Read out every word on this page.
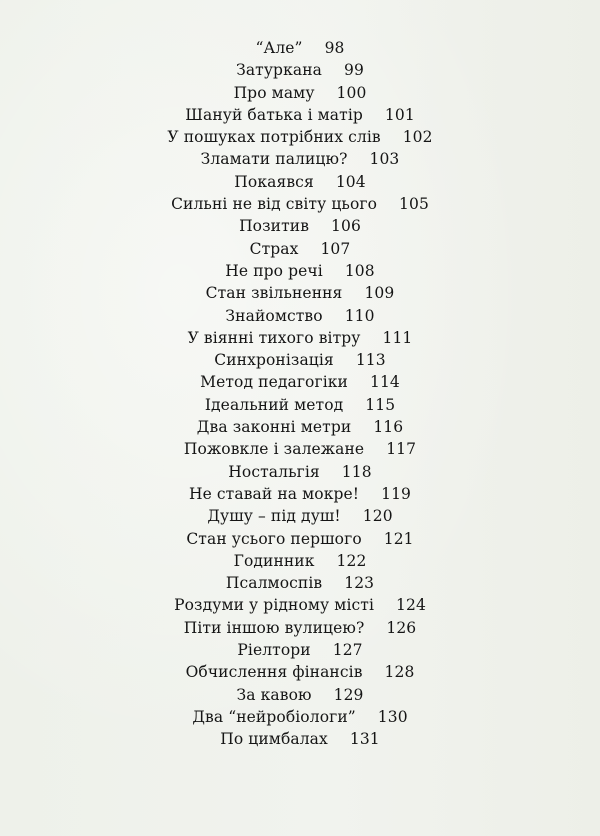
“Але” 98
Затуркана 99
Про маму 100
Шануй батька і матір 101
У пошуках потрібних слів 102
Зламати палицю? 103
Покаявся 104
Сильні не від світу цього 105
Позитив 106
Страх 107
Не про речі 108
Стан звільнення 109
Знайомство 110
У віянні тихого вітру 111
Синхронізація 113
Метод педагогіки 114
Ідеальний метод 115
Два законні метри 116
Пожовкле і залежане 117
Ностальгія 118
Не ставай на мокре! 119
Душу – під душ! 120
Стан усього першого 121
Годинник 122
Псалмоспів 123
Роздуми у рідному місті 124
Піти іншою вулицею? 126
Ріелтори 127
Обчислення фінансів 128
За кавою 129
Два “нейробіологи” 130
По цимбалах 131
